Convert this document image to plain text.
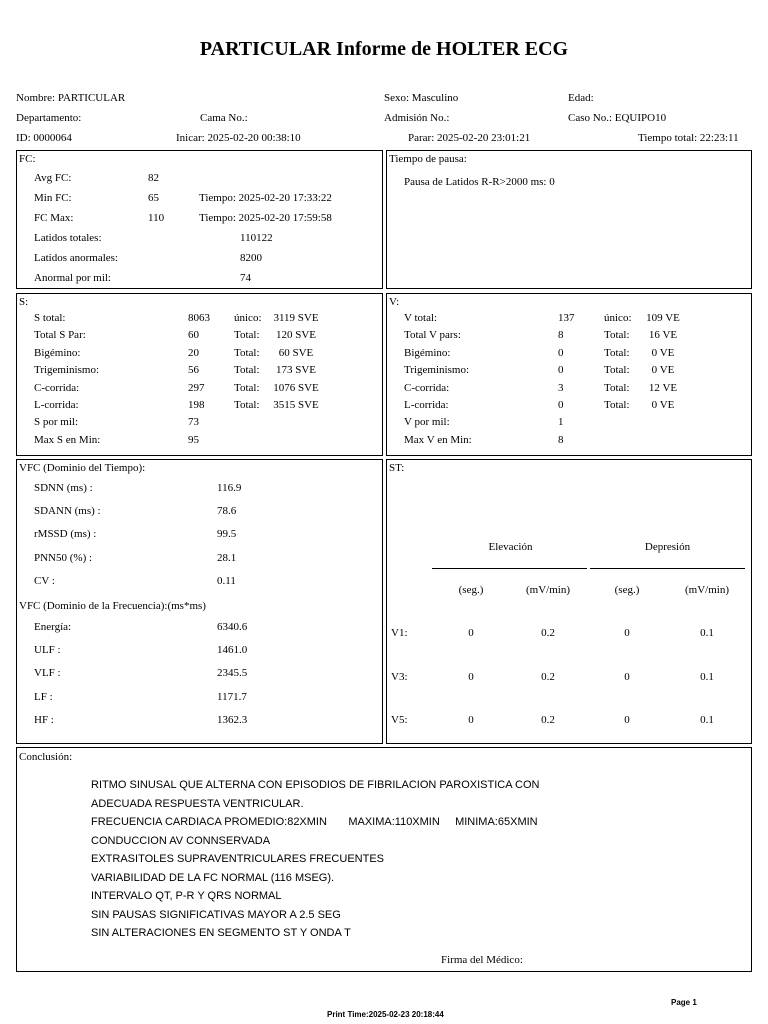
PARTICULAR Informe de HOLTER ECG
Nombre: PARTICULAR	Sexo: Masculino	Edad:
Departamento:	Cama No.:	Admisión No.:	Caso No.: EQUIPO10
ID: 0000064	Inicar: 2025-02-20 00:38:10	Parar: 2025-02-20 23:01:21	Tiempo total: 22:23:11
FC:
Avg FC:	82
Min FC:	65	Tiempo: 2025-02-20 17:33:22
FC Max:	110	Tiempo: 2025-02-20 17:59:58
Latidos totales:	110122
Latidos anormales:	8200
Anormal por mil:	74
Tiempo de pausa:
Pausa de Latidos R-R>2000 ms: 0
S:
S total:	8063 único:	3119 SVE
Total S Par:	60	Total:	120 SVE
Bigémino:	20	Total:	60 SVE
Trigeminismo:	56	Total:	173 SVE
C-corrida:	297	Total:	1076 SVE
L-corrida:	198	Total:	3515 SVE
S por mil:	73
Max S en Min:	95
V:
V total:	137	único:	109 VE
Total V pars:	8	Total:	16 VE
Bigémino:	0	Total:	0 VE
Trigeminismo:	0	Total:	0 VE
C-corrida:	3	Total:	12 VE
L-corrida:	0	Total:	0 VE
V por mil:	1
Max V en Min:	8
VFC (Dominio del Tiempo):
SDNN (ms) :	116.9
SDANN (ms) :	78.6
rMSSD (ms) :	99.5
PNN50 (%) :	28.1
CV :	0.11
VFC (Dominio de la Frecuencia):(ms*ms)
Energía:	6340.6
ULF :	1461.0
VLF :	2345.5
LF :	1171.7
HF :	1362.3
ST:
Elevación	Depresión
(seg.)	(mV/min)	(seg.)	(mV/min)
V1:	0	0.2	0	0.1
V3:	0	0.2	0	0.1
V5:	0	0.2	0	0.1
Conclusión:
RITMO SINUSAL QUE ALTERNA CON EPISODIOS DE FIBRILACION PAROXISTICA CON
ADECUADA RESPUESTA VENTRICULAR.
FRECUENCIA CARDIACA PROMEDIO:82XMIN       MAXIMA:110XMIN     MINIMA:65XMIN
CONDUCCION AV CONNSERVADA
EXTRASITOLES SUPRAVENTRICULARES FRECUENTES
VARIABILIDAD DE LA FC NORMAL (116 MSEG).
INTERVALO QT, P-R Y QRS NORMAL
SIN PAUSAS SIGNIFICATIVAS MAYOR A 2.5 SEG
SIN ALTERACIONES EN SEGMENTO ST Y ONDA T
Firma del Médico:
Page 1
Print Time:2025-02-23 20:18:44
